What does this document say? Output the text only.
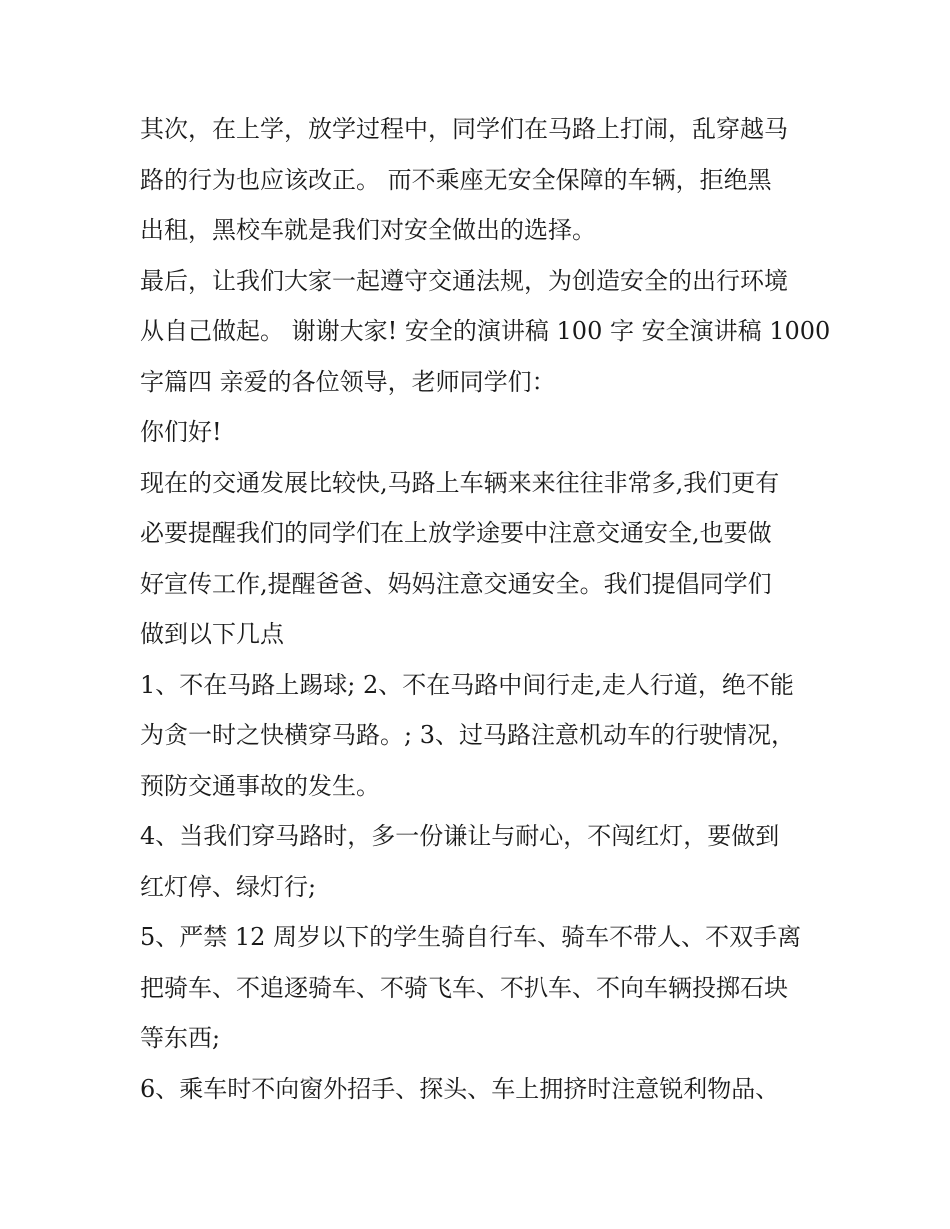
其次，在上学，放学过程中，同学们在马路上打闹，乱穿越马
路的行为也应该改正。 而不乘座无安全保障的车辆，拒绝黑
出租，黑校车就是我们对安全做出的选择。
最后，让我们大家一起遵守交通法规，为创造安全的出行环境
从自己做起。 谢谢大家! 安全的演讲稿 100 字 安全演讲稿 1000
字篇四 亲爱的各位领导，老师同学们：
你们好!
现在的交通发展比较快,马路上车辆来来往往非常多,我们更有
必要提醒我们的同学们在上放学途要中注意交通安全,也要做
好宣传工作,提醒爸爸、妈妈注意交通安全。我们提倡同学们
做到以下几点
1、不在马路上踢球; 2、不在马路中间行走,走人行道，绝不能
为贪一时之快横穿马路。; 3、过马路注意机动车的行驶情况，
预防交通事故的发生。
4、当我们穿马路时，多一份谦让与耐心，不闯红灯，要做到
红灯停、绿灯行;
5、严禁 12 周岁以下的学生骑自行车、骑车不带人、不双手离
把骑车、不追逐骑车、不骑飞车、不扒车、不向车辆投掷石块
等东西;
6、乘车时不向窗外招手、探头、车上拥挤时注意锐利物品、
